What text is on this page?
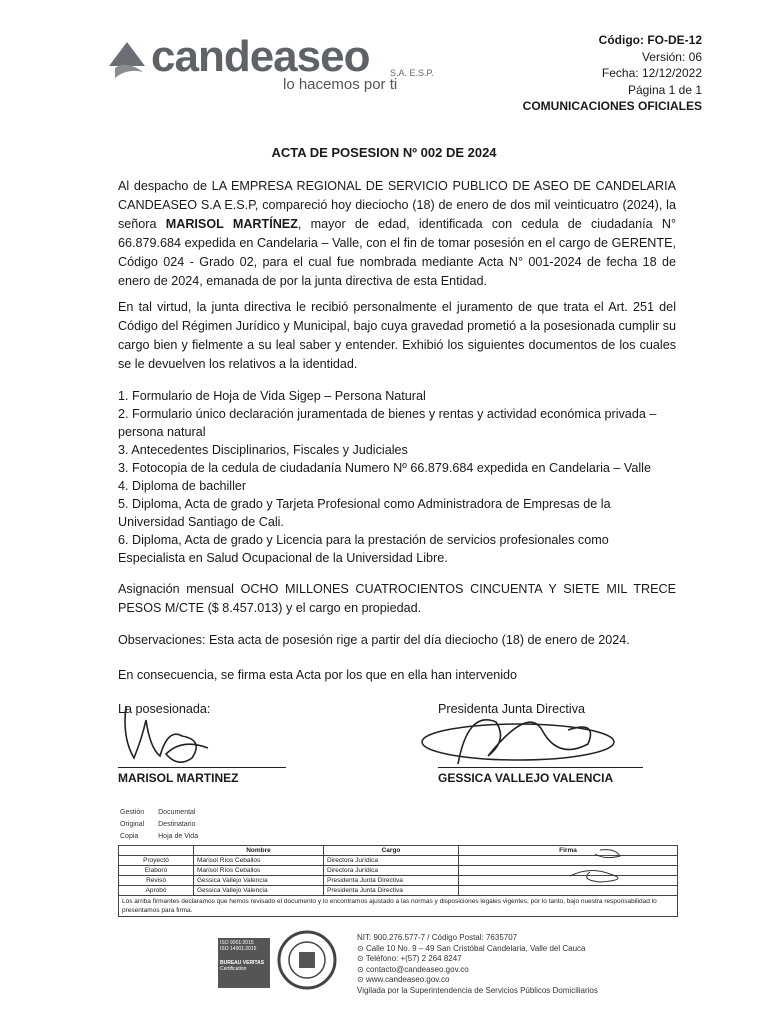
candeaseo S.A. E.S.P.
lo hacemos por ti
Código: FO-DE-12
Versión: 06
Fecha: 12/12/2022
Página 1 de 1
COMUNICACIONES OFICIALES
ACTA DE POSESION Nº 002 DE 2024
Al despacho de LA EMPRESA REGIONAL DE SERVICIO PUBLICO DE ASEO DE CANDELARIA CANDEASEO S.A E.S.P, compareció hoy dieciocho (18) de enero de dos mil veinticuatro (2024), la señora MARISOL MARTÍNEZ, mayor de edad, identificada con cedula de ciudadanía N° 66.879.684 expedida en Candelaria – Valle, con el fin de tomar posesión en el cargo de GERENTE, Código 024 - Grado 02, para el cual fue nombrada mediante Acta N° 001-2024 de fecha 18 de enero de 2024, emanada de por la junta directiva de esta Entidad.
En tal virtud, la junta directiva le recibió personalmente el juramento de que trata el Art. 251 del Código del Régimen Jurídico y Municipal, bajo cuya gravedad prometió a la posesionada cumplir su cargo bien y fielmente a su leal saber y entender. Exhibió los siguientes documentos de los cuales se le devuelven los relativos a la identidad.
1. Formulario de Hoja de Vida Sigep – Persona Natural
2. Formulario único declaración juramentada de bienes y rentas y actividad económica privada – persona natural
3. Antecedentes Disciplinarios, Fiscales y Judiciales
3. Fotocopia de la cedula de ciudadanía Numero Nº 66.879.684 expedida en Candelaria – Valle
4. Diploma de bachiller
5. Diploma, Acta de grado y Tarjeta Profesional como Administradora de Empresas de la Universidad Santiago de Cali.
6. Diploma, Acta de grado y Licencia para la prestación de servicios profesionales como Especialista en Salud Ocupacional de la Universidad Libre.
Asignación mensual OCHO MILLONES CUATROCIENTOS CINCUENTA Y SIETE MIL TRECE PESOS M/CTE ($ 8.457.013) y el cargo en propiedad.
Observaciones: Esta acta de posesión rige a partir del día dieciocho (18) de enero de 2024.
En consecuencia, se firma esta Acta por los que en ella han intervenido
La posesionada:
MARISOL MARTINEZ
Presidenta Junta Directiva
GESSICA VALLEJO VALENCIA
Gestión	Documental
Original	Destinatario
Copia	Hoja de Vida
	Nombre	Cargo	Firma
Proyectó	Marisol Ríos Ceballos	Directora Jurídica	
Elaboró	Marisol Ríos Ceballos	Directora Jurídica	
Revisó	Gessica Vallejo Valencia	Presidenta Junta Directiva	
Aprobó	Gessica Vallejo Valencia	Presidenta Junta Directiva	
Los arriba firmantes declaramos que hemos revisado el documento y lo encontramos ajustado a las normas y disposiciones legales vigentes, por lo tanto, bajo nuestra responsabilidad lo presentamos para firma.			
ISO 9001:2015
ISO 14001:2015
BUREAU VERITAS
Certification
NIT: 900.276.577-7 / Código Postal: 7635707
⊙ Calle 10 No. 9 – 49 San Cristóbal Candelaria, Valle del Cauca
⊙ Teléfono: +(57) 2 264 8247
⊙ contacto@candeaseo.gov.co
⊙ www.candeaseo.gov.co
Vigilada por la Superintendencia de Servicios Públicos Domiciliarios
